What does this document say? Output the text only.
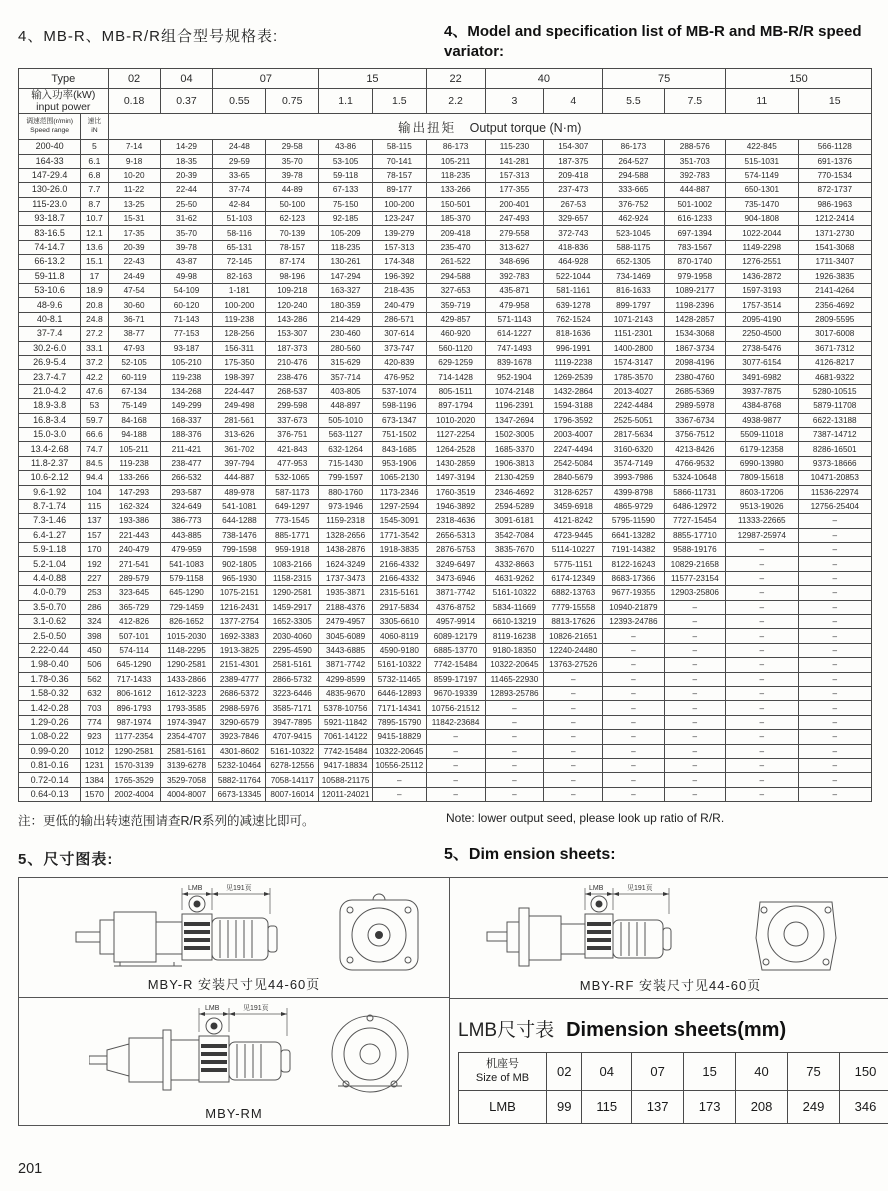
4、MB-R、MB-R/R组合型号规格表:	4、Model and specification list of MB-R and MB-R/R speed variator:
Type		02	04	07		15		22	40		75		150	
输入功率(kW)
input power		0.18	0.37	0.55	0.75	1.1	1.5	2.2	3	4	5.5	7.5	11	15
调速范围(r/min)
Speed range	速比
iN	输出扭矩 Output torque (N·m)												
200-40	5	7-14	14-29	24-48	29-58	43-86	58-115	86-173	115-230	154-307	86-173	288-576	422-845	566-1128
164-33	6.1	9-18	18-35	29-59	35-70	53-105	70-141	105-211	141-281	187-375	264-527	351-703	515-1031	691-1376
147-29.4	6.8	10-20	20-39	33-65	39-78	59-118	78-157	118-235	157-313	209-418	294-588	392-783	574-1149	770-1534
130-26.0	7.7	11-22	22-44	37-74	44-89	67-133	89-177	133-266	177-355	237-473	333-665	444-887	650-1301	872-1737
115-23.0	8.7	13-25	25-50	42-84	50-100	75-150	100-200	150-501	200-401	267-53	376-752	501-1002	735-1470	986-1963
93-18.7	10.7	15-31	31-62	51-103	62-123	92-185	123-247	185-370	247-493	329-657	462-924	616-1233	904-1808	1212-2414
83-16.5	12.1	17-35	35-70	58-116	70-139	105-209	139-279	209-418	279-558	372-743	523-1045	697-1394	1022-2044	1371-2730
74-14.7	13.6	20-39	39-78	65-131	78-157	118-235	157-313	235-470	313-627	418-836	588-1175	783-1567	1149-2298	1541-3068
66-13.2	15.1	22-43	43-87	72-145	87-174	130-261	174-348	261-522	348-696	464-928	652-1305	870-1740	1276-2551	1711-3407
59-11.8	17	24-49	49-98	82-163	98-196	147-294	196-392	294-588	392-783	522-1044	734-1469	979-1958	1436-2872	1926-3835
53-10.6	18.9	47-54	54-109	1-181	109-218	163-327	218-435	327-653	435-871	581-1161	816-1633	1089-2177	1597-3193	2141-4264
48-9.6	20.8	30-60	60-120	100-200	120-240	180-359	240-479	359-719	479-958	639-1278	899-1797	1198-2396	1757-3514	2356-4692
40-8.1	24.8	36-71	71-143	119-238	143-286	214-429	286-571	429-857	571-1143	762-1524	1071-2143	1428-2857	2095-4190	2809-5595
37-7.4	27.2	38-77	77-153	128-256	153-307	230-460	307-614	460-920	614-1227	818-1636	1151-2301	1534-3068	2250-4500	3017-6008
30.2-6.0	33.1	47-93	93-187	156-311	187-373	280-560	373-747	560-1120	747-1493	996-1991	1400-2800	1867-3734	2738-5476	3671-7312
26.9-5.4	37.2	52-105	105-210	175-350	210-476	315-629	420-839	629-1259	839-1678	1119-2238	1574-3147	2098-4196	3077-6154	4126-8217
23.7-4.7	42.2	60-119	119-238	198-397	238-476	357-714	476-952	714-1428	952-1904	1269-2539	1785-3570	2380-4760	3491-6982	4681-9322
21.0-4.2	47.6	67-134	134-268	224-447	268-537	403-805	537-1074	805-1511	1074-2148	1432-2864	2013-4027	2685-5369	3937-7875	5280-10515
18.9-3.8	53	75-149	149-299	249-498	299-598	448-897	598-1196	897-1794	1196-2391	1594-3188	2242-4484	2989-5978	4384-8768	5879-11708
16.8-3.4	59.7	84-168	168-337	281-561	337-673	505-1010	673-1347	1010-2020	1347-2694	1796-3592	2525-5051	3367-6734	4938-9877	6622-13188
15.0-3.0	66.6	94-188	188-376	313-626	376-751	563-1127	751-1502	1127-2254	1502-3005	2003-4007	2817-5634	3756-7512	5509-11018	7387-14712
13.4-2.68	74.7	105-211	211-421	361-702	421-843	632-1264	843-1685	1264-2528	1685-3370	2247-4494	3160-6320	4213-8426	6179-12358	8286-16501
11.8-2.37	84.5	119-238	238-477	397-794	477-953	715-1430	953-1906	1430-2859	1906-3813	2542-5084	3574-7149	4766-9532	6990-13980	9373-18666
10.6-2.12	94.4	133-266	266-532	444-887	532-1065	799-1597	1065-2130	1497-3194	2130-4259	2840-5679	3993-7986	5324-10648	7809-15618	10471-20853
9.6-1.92	104	147-293	293-587	489-978	587-1173	880-1760	1173-2346	1760-3519	2346-4692	3128-6257	4399-8798	5866-11731	8603-17206	11536-22974
8.7-1.74	115	162-324	324-649	541-1081	649-1297	973-1946	1297-2594	1946-3892	2594-5289	3459-6918	4865-9729	6486-12972	9513-19026	12756-25404
7.3-1.46	137	193-386	386-773	644-1288	773-1545	1159-2318	1545-3091	2318-4636	3091-6181	4121-8242	5795-11590	7727-15454	11333-22665	–
6.4-1.27	157	221-443	443-885	738-1476	885-1771	1328-2656	1771-3542	2656-5313	3542-7084	4723-9445	6641-13282	8855-17710	12987-25974	–
5.9-1.18	170	240-479	479-959	799-1598	959-1918	1438-2876	1918-3835	2876-5753	3835-7670	5114-10227	7191-14382	9588-19176	–	–
5.2-1.04	192	271-541	541-1083	902-1805	1083-2166	1624-3249	2166-4332	3249-6497	4332-8663	5775-1151	8122-16243	10829-21658	–	–
4.4-0.88	227	289-579	579-1158	965-1930	1158-2315	1737-3473	2166-4332	3473-6946	4631-9262	6174-12349	8683-17366	11577-23154	–	–
4.0-0.79	253	323-645	645-1290	1075-2151	1290-2581	1935-3871	2315-5161	3871-7742	5161-10322	6882-13763	9677-19355	12903-25806	–	–
3.5-0.70	286	365-729	729-1459	1216-2431	1459-2917	2188-4376	2917-5834	4376-8752	5834-11669	7779-15558	10940-21879	–	–	–
3.1-0.62	324	412-826	826-1652	1377-2754	1652-3305	2479-4957	3305-6610	4957-9914	6610-13219	8813-17626	12393-24786	–	–	–
2.5-0.50	398	507-101	1015-2030	1692-3383	2030-4060	3045-6089	4060-8119	6089-12179	8119-16238	10826-21651	–	–	–	–
2.22-0.44	450	574-114	1148-2295	1913-3825	2295-4590	3443-6885	4590-9180	6885-13770	9180-18350	12240-24480	–	–	–	–
1.98-0.40	506	645-1290	1290-2581	2151-4301	2581-5161	3871-7742	5161-10322	7742-15484	10322-20645	13763-27526	–	–	–	–
1.78-0.36	562	717-1433	1433-2866	2389-4777	2866-5732	4299-8599	5732-11465	8599-17197	11465-22930	–	–	–	–	–
1.58-0.32	632	806-1612	1612-3223	2686-5372	3223-6446	4835-9670	6446-12893	9670-19339	12893-25786	–	–	–	–	–
1.42-0.28	703	896-1793	1793-3585	2988-5976	3585-7171	5378-10756	7171-14341	10756-21512	–	–	–	–	–	–
1.29-0.26	774	987-1974	1974-3947	3290-6579	3947-7895	5921-11842	7895-15790	11842-23684	–	–	–	–	–	–
1.08-0.22	923	1177-2354	2354-4707	3923-7846	4707-9415	7061-14122	9415-18829	–	–	–	–	–	–	–
0.99-0.20	1012	1290-2581	2581-5161	4301-8602	5161-10322	7742-15484	10322-20645	–	–	–	–	–	–	–
0.81-0.16	1231	1570-3139	3139-6278	5232-10464	6278-12556	9417-18834	10556-25112	–	–	–	–	–	–	–
0.72-0.14	1384	1765-3529	3529-7058	5882-11764	7058-14117	10588-21175	–	–	–	–	–	–	–	–
0.64-0.13	1570	2002-4004	4004-8007	6673-13345	8007-16014	12011-24021	–	–	–	–	–	–	–	–
注：更低的输出转速范围请查R/R系列的减速比即可。	Note: lower output seed, please look up ratio of R/R.
5、尺寸图表:	5、Dim ension sheets:
LMB	见191页
MBY-R 安装尺寸见44-60页
LMB	见191页
MBY-RM
LMB	见191页
MBY-RF 安装尺寸见44-60页
LMB尺寸表 Dimension sheets(mm)
机座号
Size of MB	02	04	07	15	40	75	150
LMB	99	115	137	173	208	249	346
201
